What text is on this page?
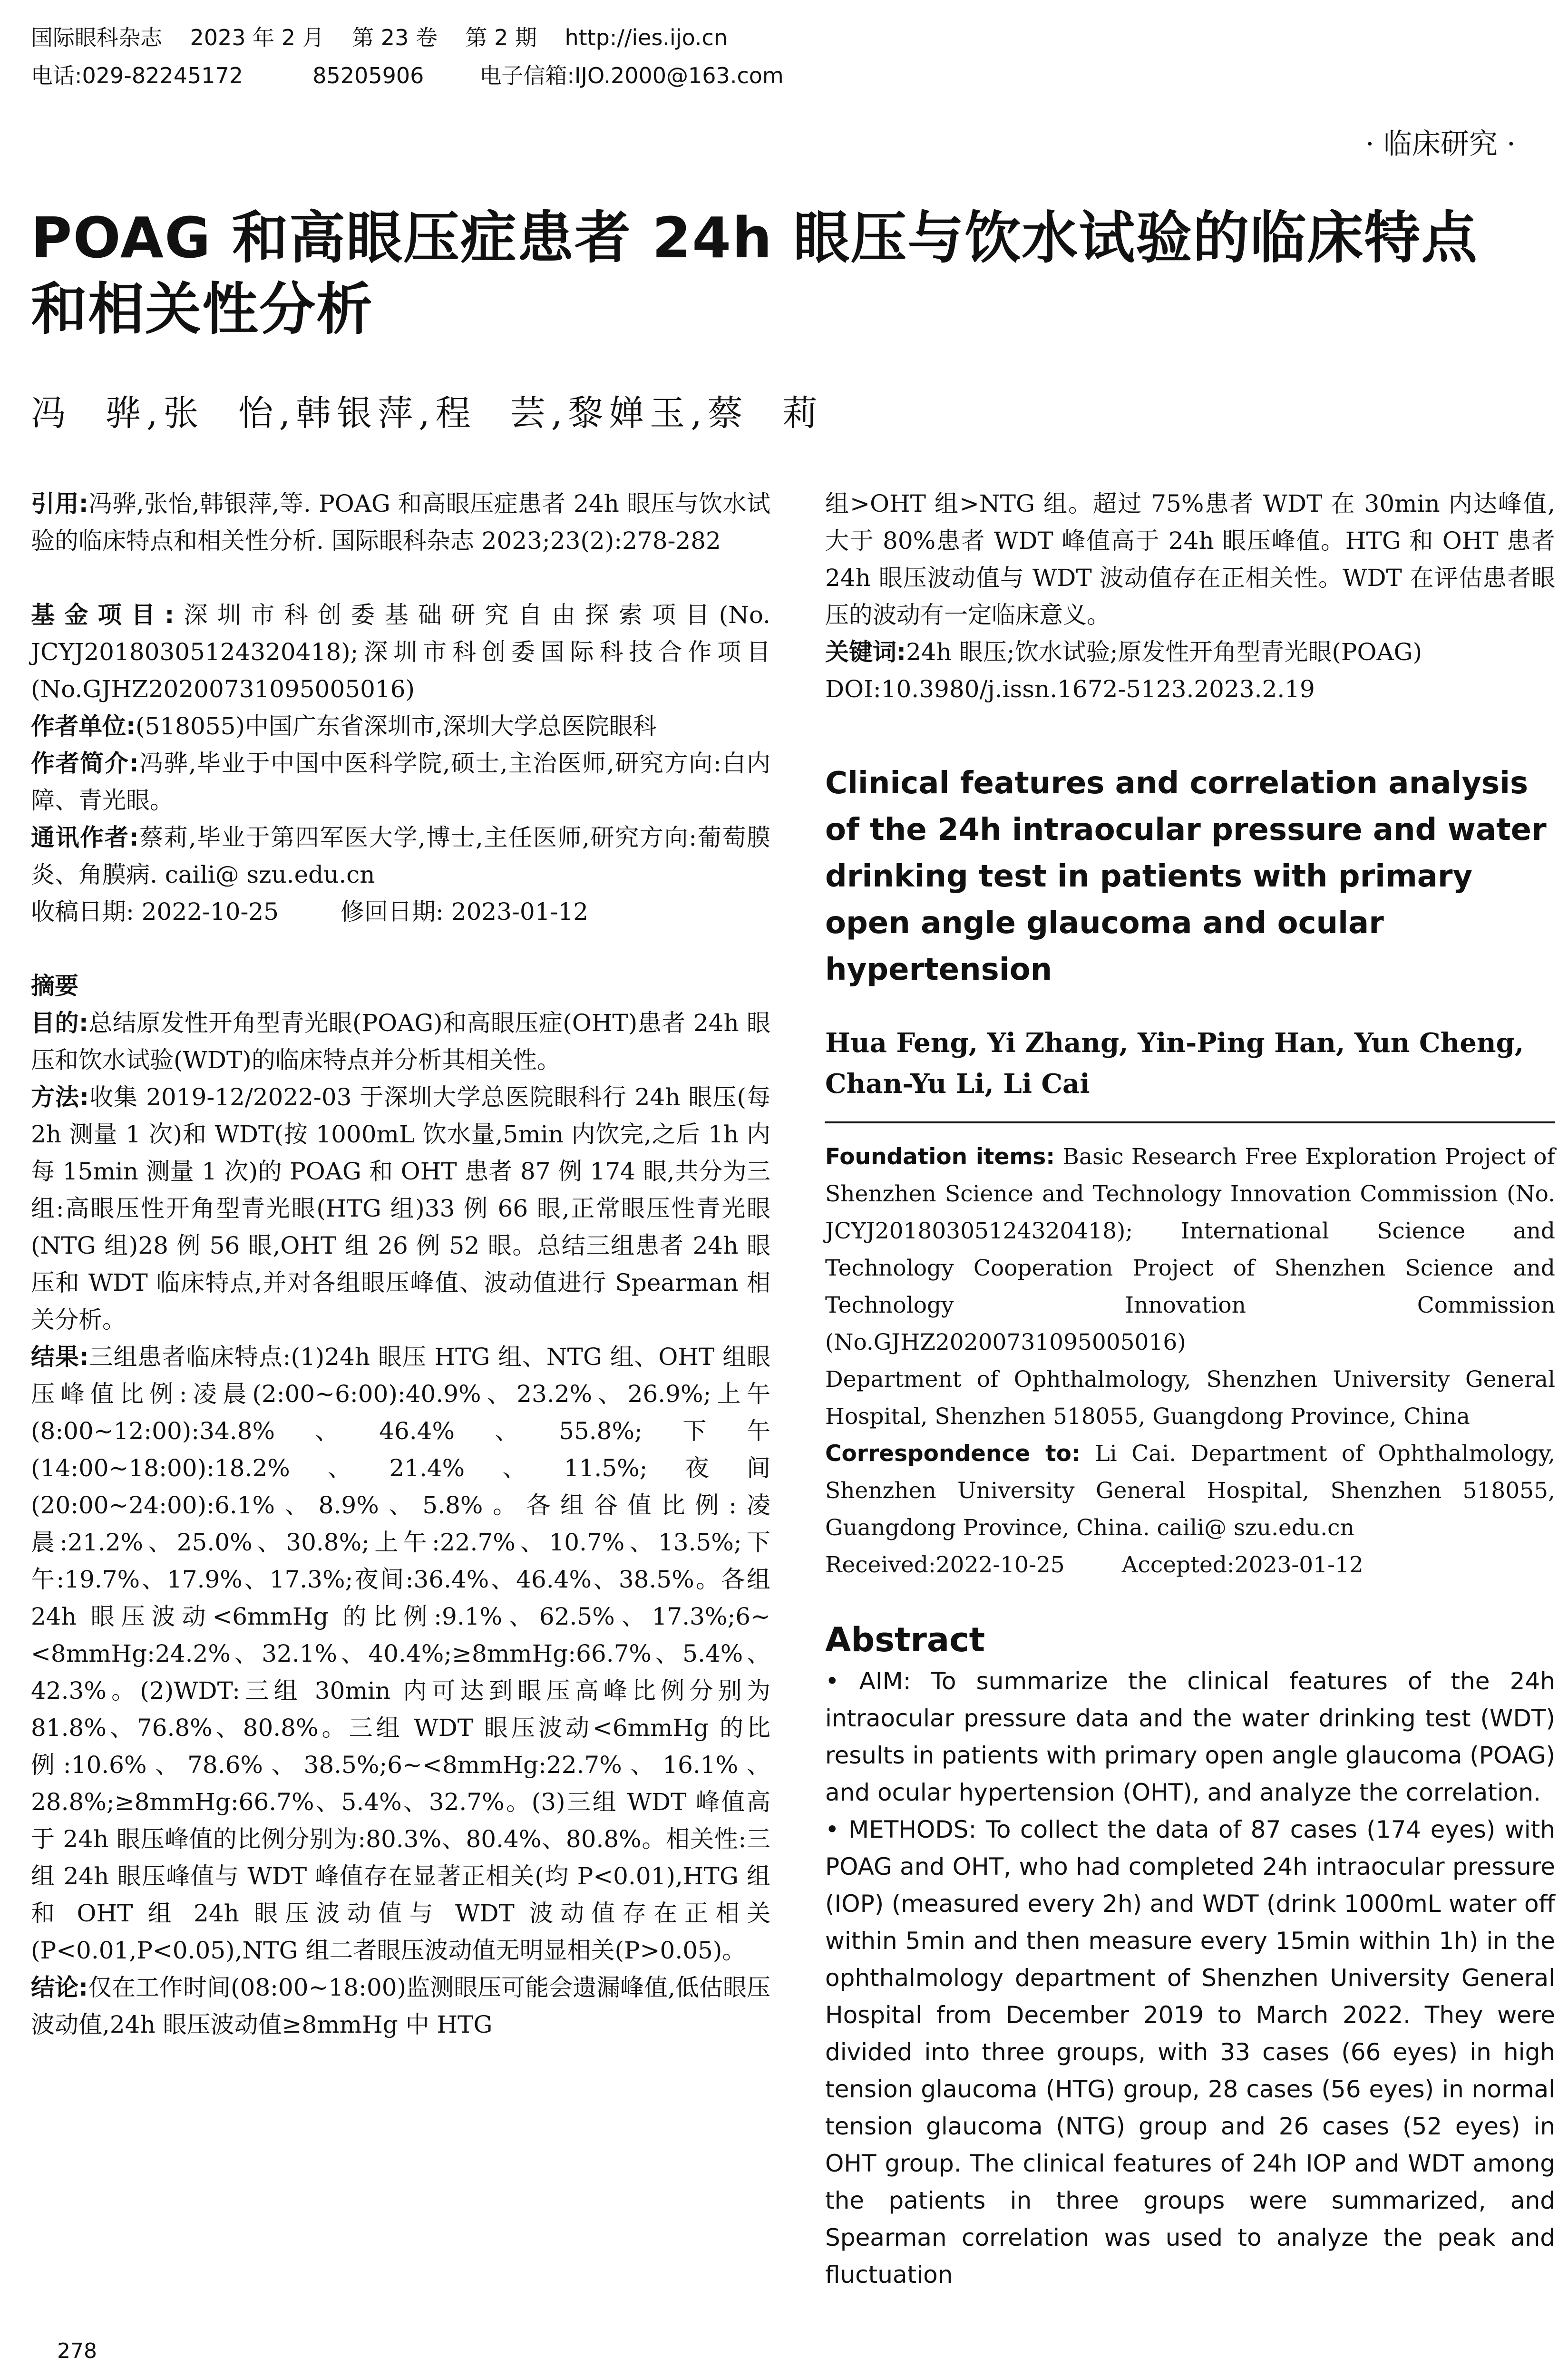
国际眼科杂志    2023 年 2 月    第 23 卷    第 2 期    http://ies.ijo.cn
电话:029-82245172          85205906        电子信箱:IJO.2000@163.com
· 临床研究 ·
POAG 和高眼压症患者 24h 眼压与饮水试验的临床特点和相关性分析
冯  骅,张  怡,韩银萍,程  芸,黎婵玉,蔡  莉

引用:冯骅,张怡,韩银萍,等. POAG 和高眼压症患者 24h 眼压与饮水试验的临床特点和相关性分析. 国际眼科杂志 2023;23(2):278-282

基金项目:深圳市科创委基础研究自由探索项目(No. JCYJ20180305124320418);深圳市科创委国际科技合作项目(No.GJHZ20200731095005016)

作者单位:(518055)中国广东省深圳市,深圳大学总医院眼科

作者简介:冯骅,毕业于中国中医科学院,硕士,主治医师,研究方向:白内障、青光眼。

通讯作者:蔡莉,毕业于第四军医大学,博士,主任医师,研究方向:葡萄膜炎、角膜病. caili@ szu.edu.cn

收稿日期: 2022-10-25	修回日期: 2023-01-12

摘要

目的:总结原发性开角型青光眼(POAG)和高眼压症(OHT)患者 24h 眼压和饮水试验(WDT)的临床特点并分析其相关性。

方法:收集 2019-12/2022-03 于深圳大学总医院眼科行 24h 眼压(每 2h 测量 1 次)和 WDT(按 1000mL 饮水量,5min 内饮完,之后 1h 内每 15min 测量 1 次)的 POAG 和 OHT 患者 87 例 174 眼,共分为三组:高眼压性开角型青光眼(HTG 组)33 例 66 眼,正常眼压性青光眼(NTG 组)28 例 56 眼,OHT 组 26 例 52 眼。总结三组患者 24h 眼压和 WDT 临床特点,并对各组眼压峰值、波动值进行 Spearman 相关分析。

结果:三组患者临床特点:(1)24h 眼压 HTG 组、NTG 组、OHT 组眼压峰值比例:凌晨(2:00~6:00):40.9%、23.2%、26.9%;上午(8:00~12:00):34.8%、46.4%、55.8%;下午(14:00~18:00):18.2%、21.4%、11.5%;夜间(20:00~24:00):6.1%、8.9%、5.8%。各组谷值比例:凌晨:21.2%、25.0%、30.8%;上午:22.7%、10.7%、13.5%;下午:19.7%、17.9%、17.3%;夜间:36.4%、46.4%、38.5%。各组 24h 眼压波动<6mmHg 的比例:9.1%、62.5%、17.3%;6~<8mmHg:24.2%、32.1%、40.4%;≥8mmHg:66.7%、5.4%、42.3%。(2)WDT:三组 30min 内可达到眼压高峰比例分别为81.8%、76.8%、80.8%。三组 WDT 眼压波动<6mmHg 的比例:10.6%、78.6%、38.5%;6~<8mmHg:22.7%、16.1%、28.8%;≥8mmHg:66.7%、5.4%、32.7%。(3)三组 WDT 峰值高于 24h 眼压峰值的比例分别为:80.3%、80.4%、80.8%。相关性:三组 24h 眼压峰值与 WDT 峰值存在显著正相关(均 P<0.01),HTG 组和 OHT 组 24h 眼压波动值与 WDT 波动值存在正相关(P<0.01,P<0.05),NTG 组二者眼压波动值无明显相关(P>0.05)。

结论:仅在工作时间(08:00~18:00)监测眼压可能会遗漏峰值,低估眼压波动值,24h 眼压波动值≥8mmHg 中 HTG

组>OHT 组>NTG 组。超过 75%患者 WDT 在 30min 内达峰值,大于 80%患者 WDT 峰值高于 24h 眼压峰值。HTG 和 OHT 患者 24h 眼压波动值与 WDT 波动值存在正相关性。WDT 在评估患者眼压的波动有一定临床意义。

关键词:24h 眼压;饮水试验;原发性开角型青光眼(POAG)

DOI:10.3980/j.issn.1672-5123.2023.2.19

Clinical features and correlation analysis of the 24h intraocular pressure and water drinking test in patients with primary open angle glaucoma and ocular hypertension

Hua Feng, Yi Zhang, Yin-Ping Han, Yun Cheng, Chan-Yu Li, Li Cai

Foundation items: Basic Research Free Exploration Project of Shenzhen Science and Technology Innovation Commission (No. JCYJ20180305124320418); International Science and Technology Cooperation Project of Shenzhen Science and Technology Innovation Commission (No.GJHZ20200731095005016)

Department of Ophthalmology, Shenzhen University General Hospital, Shenzhen 518055, Guangdong Province, China

Correspondence to: Li Cai. Department of Ophthalmology, Shenzhen University General Hospital, Shenzhen 518055, Guangdong Province, China. caili@ szu.edu.cn

Received:2022-10-25	Accepted:2023-01-12

Abstract

• AIM: To summarize the clinical features of the 24h intraocular pressure data and the water drinking test (WDT) results in patients with primary open angle glaucoma (POAG) and ocular hypertension (OHT), and analyze the correlation.

• METHODS: To collect the data of 87 cases (174 eyes) with POAG and OHT, who had completed 24h intraocular pressure (IOP) (measured every 2h) and WDT (drink 1000mL water off within 5min and then measure every 15min within 1h) in the ophthalmology department of Shenzhen University General Hospital from December 2019 to March 2022. They were divided into three groups, with 33 cases (66 eyes) in high tension glaucoma (HTG) group, 28 cases (56 eyes) in normal tension glaucoma (NTG) group and 26 cases (52 eyes) in OHT group. The clinical features of 24h IOP and WDT among the patients in three groups were summarized, and Spearman correlation was used to analyze the peak and fluctuation

278
